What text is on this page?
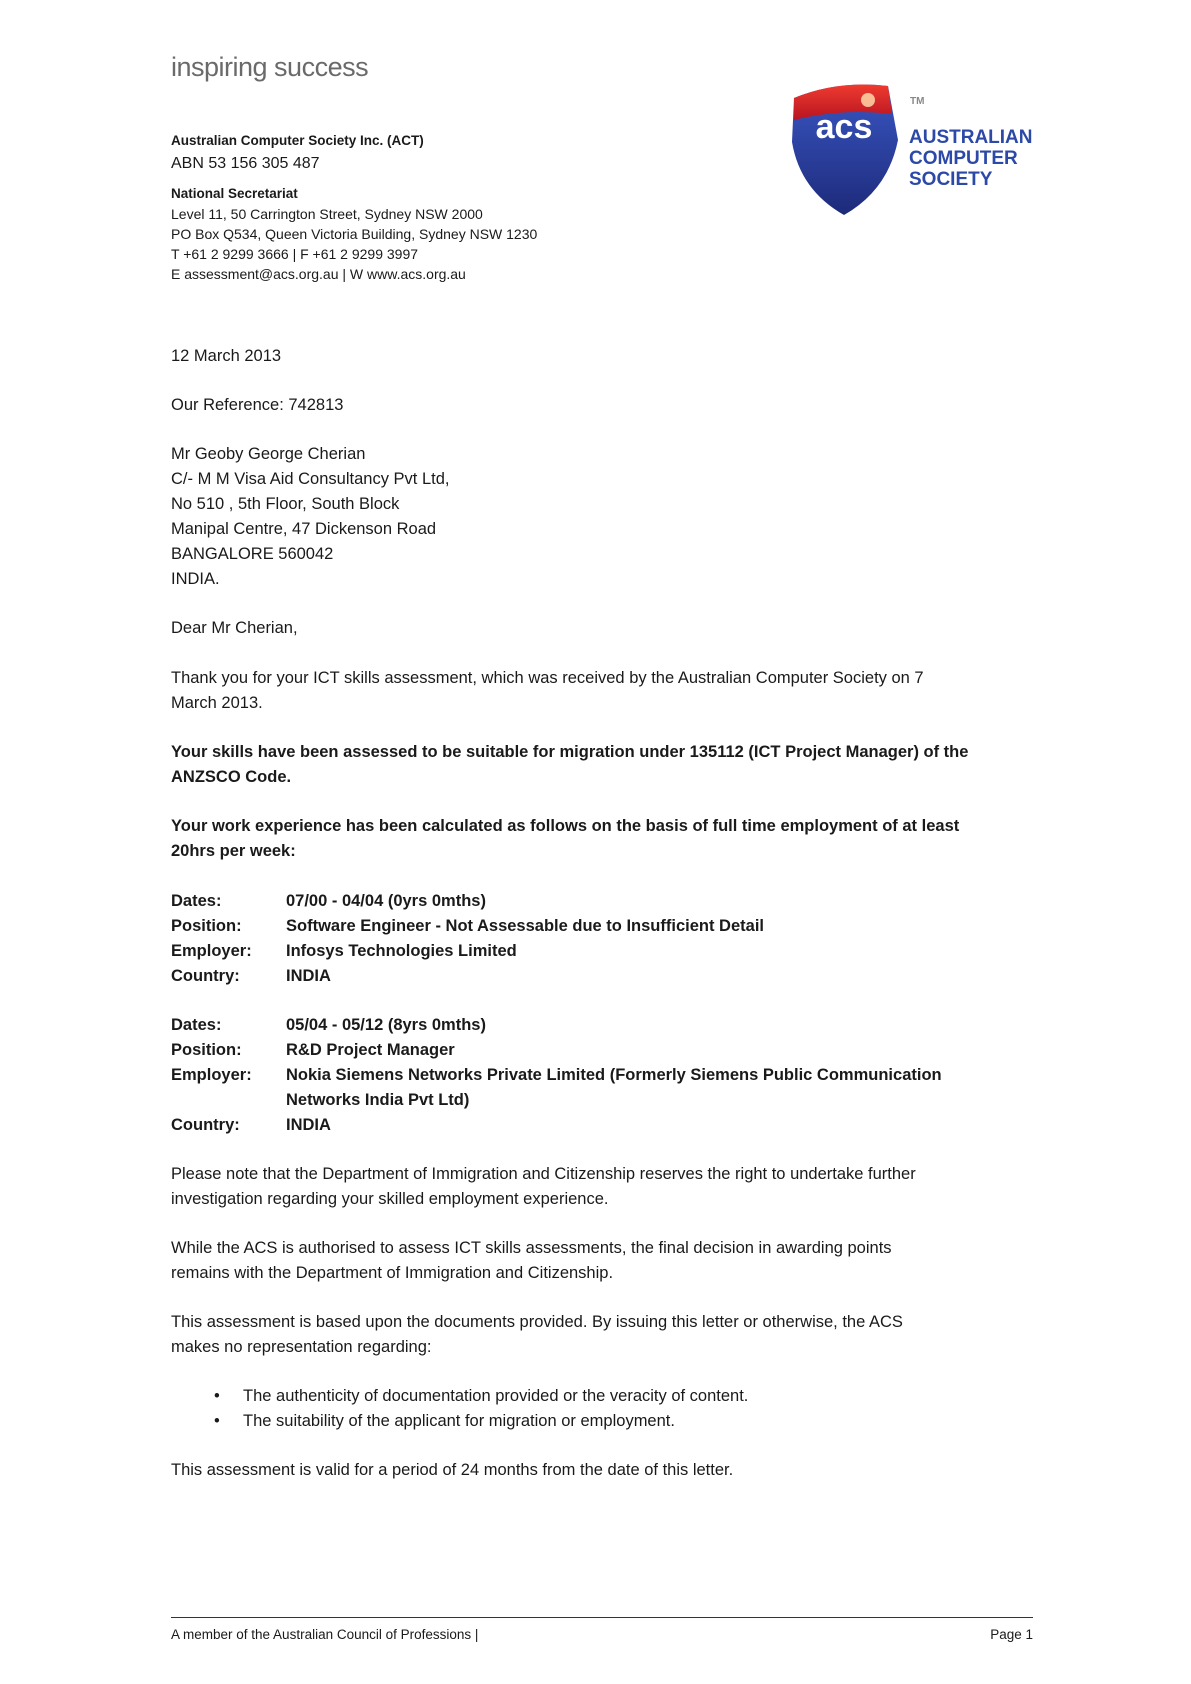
inspiring success
Australian Computer Society Inc. (ACT)
ABN 53 156 305 487
National Secretariat
Level 11, 50 Carrington Street, Sydney NSW 2000
PO Box Q534, Queen Victoria Building, Sydney NSW 1230
T +61 2 9299 3666 | F +61 2 9299 3997
E assessment@acs.org.au | W www.acs.org.au
acs
TM
AUSTRALIAN
COMPUTER
SOCIETY
12 March 2013
Our Reference: 742813
Mr Geoby George Cherian
C/- M M Visa Aid Consultancy Pvt Ltd,
No 510 , 5th Floor, South Block
Manipal Centre, 47 Dickenson Road
BANGALORE 560042
INDIA.
Dear Mr Cherian,
Thank you for your ICT skills assessment, which was received by the Australian Computer Society on 7
March 2013.
Your skills have been assessed to be suitable for migration under 135112 (ICT Project Manager) of the
ANZSCO Code.
Your work experience has been calculated as follows on the basis of full time employment of at least
20hrs per week:
Dates:	07/00 - 04/04 (0yrs 0mths)
Position:	Software Engineer - Not Assessable due to Insufficient Detail
Employer:	Infosys Technologies Limited
Country:	INDIA
Dates:	05/04 - 05/12 (8yrs 0mths)
Position:	R&D Project Manager
Employer:	Nokia Siemens Networks Private Limited (Formerly Siemens Public Communication
Networks India Pvt Ltd)
Country:	INDIA
Please note that the Department of Immigration and Citizenship reserves the right to undertake further
investigation regarding your skilled employment experience.
While the ACS is authorised to assess ICT skills assessments, the final decision in awarding points
remains with the Department of Immigration and Citizenship.
This assessment is based upon the documents provided. By issuing this letter or otherwise, the ACS
makes no representation regarding:
• The authenticity of documentation provided or the veracity of content.
• The suitability of the applicant for migration or employment.
This assessment is valid for a period of 24 months from the date of this letter.
A member of the Australian Council of Professions |	Page 1
